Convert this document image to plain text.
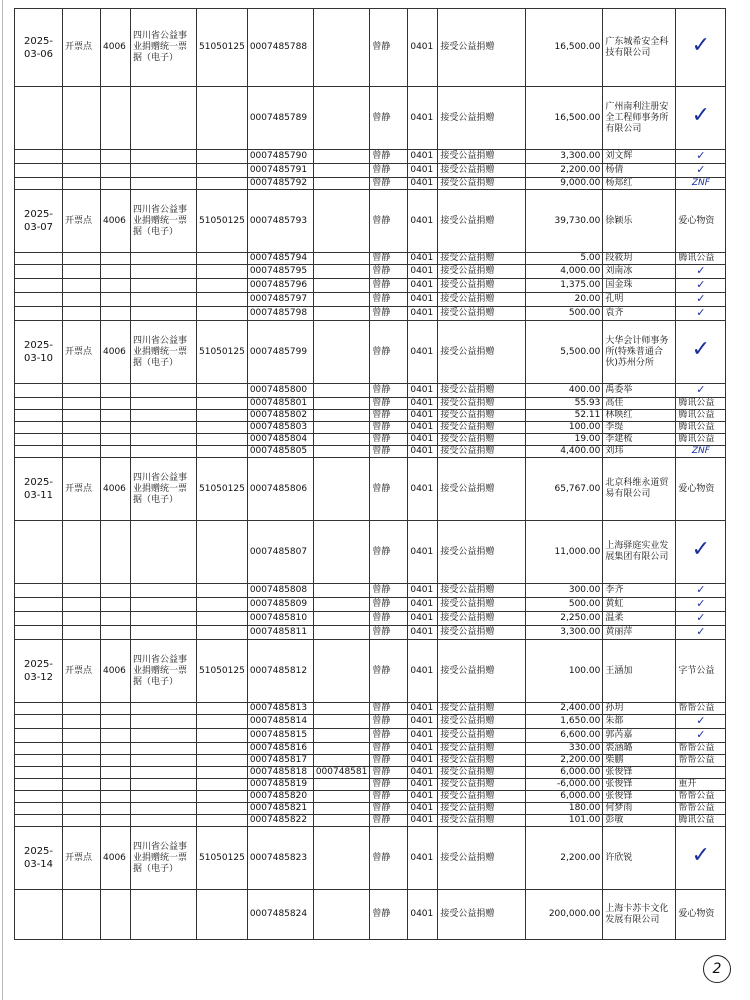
2025-03-06	开票点	4006	四川省公益事业捐赠统一票据（电子）	51050125	0007485788		曾静	0401	接受公益捐赠	16,500.00	广东城希安全科技有限公司	✓
					0007485789		曾静	0401	接受公益捐赠	16,500.00	广州南利注册安全工程师事务所有限公司	✓
					0007485790		曾静	0401	接受公益捐赠	3,300.00	刘文辉	✓
					0007485791		曾静	0401	接受公益捐赠	2,200.00	杨倩	✓
					0007485792		曾静	0401	接受公益捐赠	9,000.00	杨郑红	ZNF
2025-03-07	开票点	4006	四川省公益事业捐赠统一票据（电子）	51050125	0007485793		曾静	0401	接受公益捐赠	39,730.00	徐颖乐	爱心物资
					0007485794		曾静	0401	接受公益捐赠	5.00	段筱玥	腾讯公益
					0007485795		曾静	0401	接受公益捐赠	4,000.00	刘南冰	✓
					0007485796		曾静	0401	接受公益捐赠	1,375.00	国金珠	✓
					0007485797		曾静	0401	接受公益捐赠	20.00	孔明	✓
					0007485798		曾静	0401	接受公益捐赠	500.00	袁齐	✓
2025-03-10	开票点	4006	四川省公益事业捐赠统一票据（电子）	51050125	0007485799		曾静	0401	接受公益捐赠	5,500.00	大华会计师事务所(特殊普通合伙)苏州分所	✓
					0007485800		曾静	0401	接受公益捐赠	400.00	禹委举	✓
					0007485801		曾静	0401	接受公益捐赠	55.93	高佳	腾讯公益
					0007485802		曾静	0401	接受公益捐赠	52.11	林映红	腾讯公益
					0007485803		曾静	0401	接受公益捐赠	100.00	李缇	腾讯公益
					0007485804		曾静	0401	接受公益捐赠	19.00	李建梳	腾讯公益
					0007485805		曾静	0401	接受公益捐赠	4,400.00	刘玮	ZNF
2025-03-11	开票点	4006	四川省公益事业捐赠统一票据（电子）	51050125	0007485806		曾静	0401	接受公益捐赠	65,767.00	北京科维永道贸易有限公司	爱心物资
					0007485807		曾静	0401	接受公益捐赠	11,000.00	上海驿庭实业发展集团有限公司	✓
					0007485808		曾静	0401	接受公益捐赠	300.00	李齐	✓
					0007485809		曾静	0401	接受公益捐赠	500.00	黄虹	✓
					0007485810		曾静	0401	接受公益捐赠	2,250.00	温柔	✓
					0007485811		曾静	0401	接受公益捐赠	3,300.00	黄丽萍	✓
2025-03-12	开票点	4006	四川省公益事业捐赠统一票据（电子）	51050125	0007485812		曾静	0401	接受公益捐赠	100.00	王涵加	字节公益
					0007485813		曾静	0401	接受公益捐赠	2,400.00	孙玥	帮帮公益
					0007485814		曾静	0401	接受公益捐赠	1,650.00	朱都	✓
					0007485815		曾静	0401	接受公益捐赠	6,600.00	郭芮嘉	✓
					0007485816		曾静	0401	接受公益捐赠	330.00	裘涵璐	帮帮公益
					0007485817		曾静	0401	接受公益捐赠	2,200.00	柴鹏	帮帮公益
					0007485818	000748581	曾静	0401	接受公益捐赠	6,000.00	张俊锋	
					0007485819		曾静	0401	接受公益捐赠	-6,000.00	张俊锋	重开
					0007485820		曾静	0401	接受公益捐赠	6,000.00	张俊锋	帮帮公益
					0007485821		曾静	0401	接受公益捐赠	180.00	何梦雨	帮帮公益
					0007485822		曾静	0401	接受公益捐赠	101.00	彭敏	腾讯公益
2025-03-14	开票点	4006	四川省公益事业捐赠统一票据（电子）	51050125	0007485823		曾静	0401	接受公益捐赠	2,200.00	许欣锐	✓
					0007485824		曾静	0401	接受公益捐赠	200,000.00	上海卡苏卡文化发展有限公司	爱心物资
2
